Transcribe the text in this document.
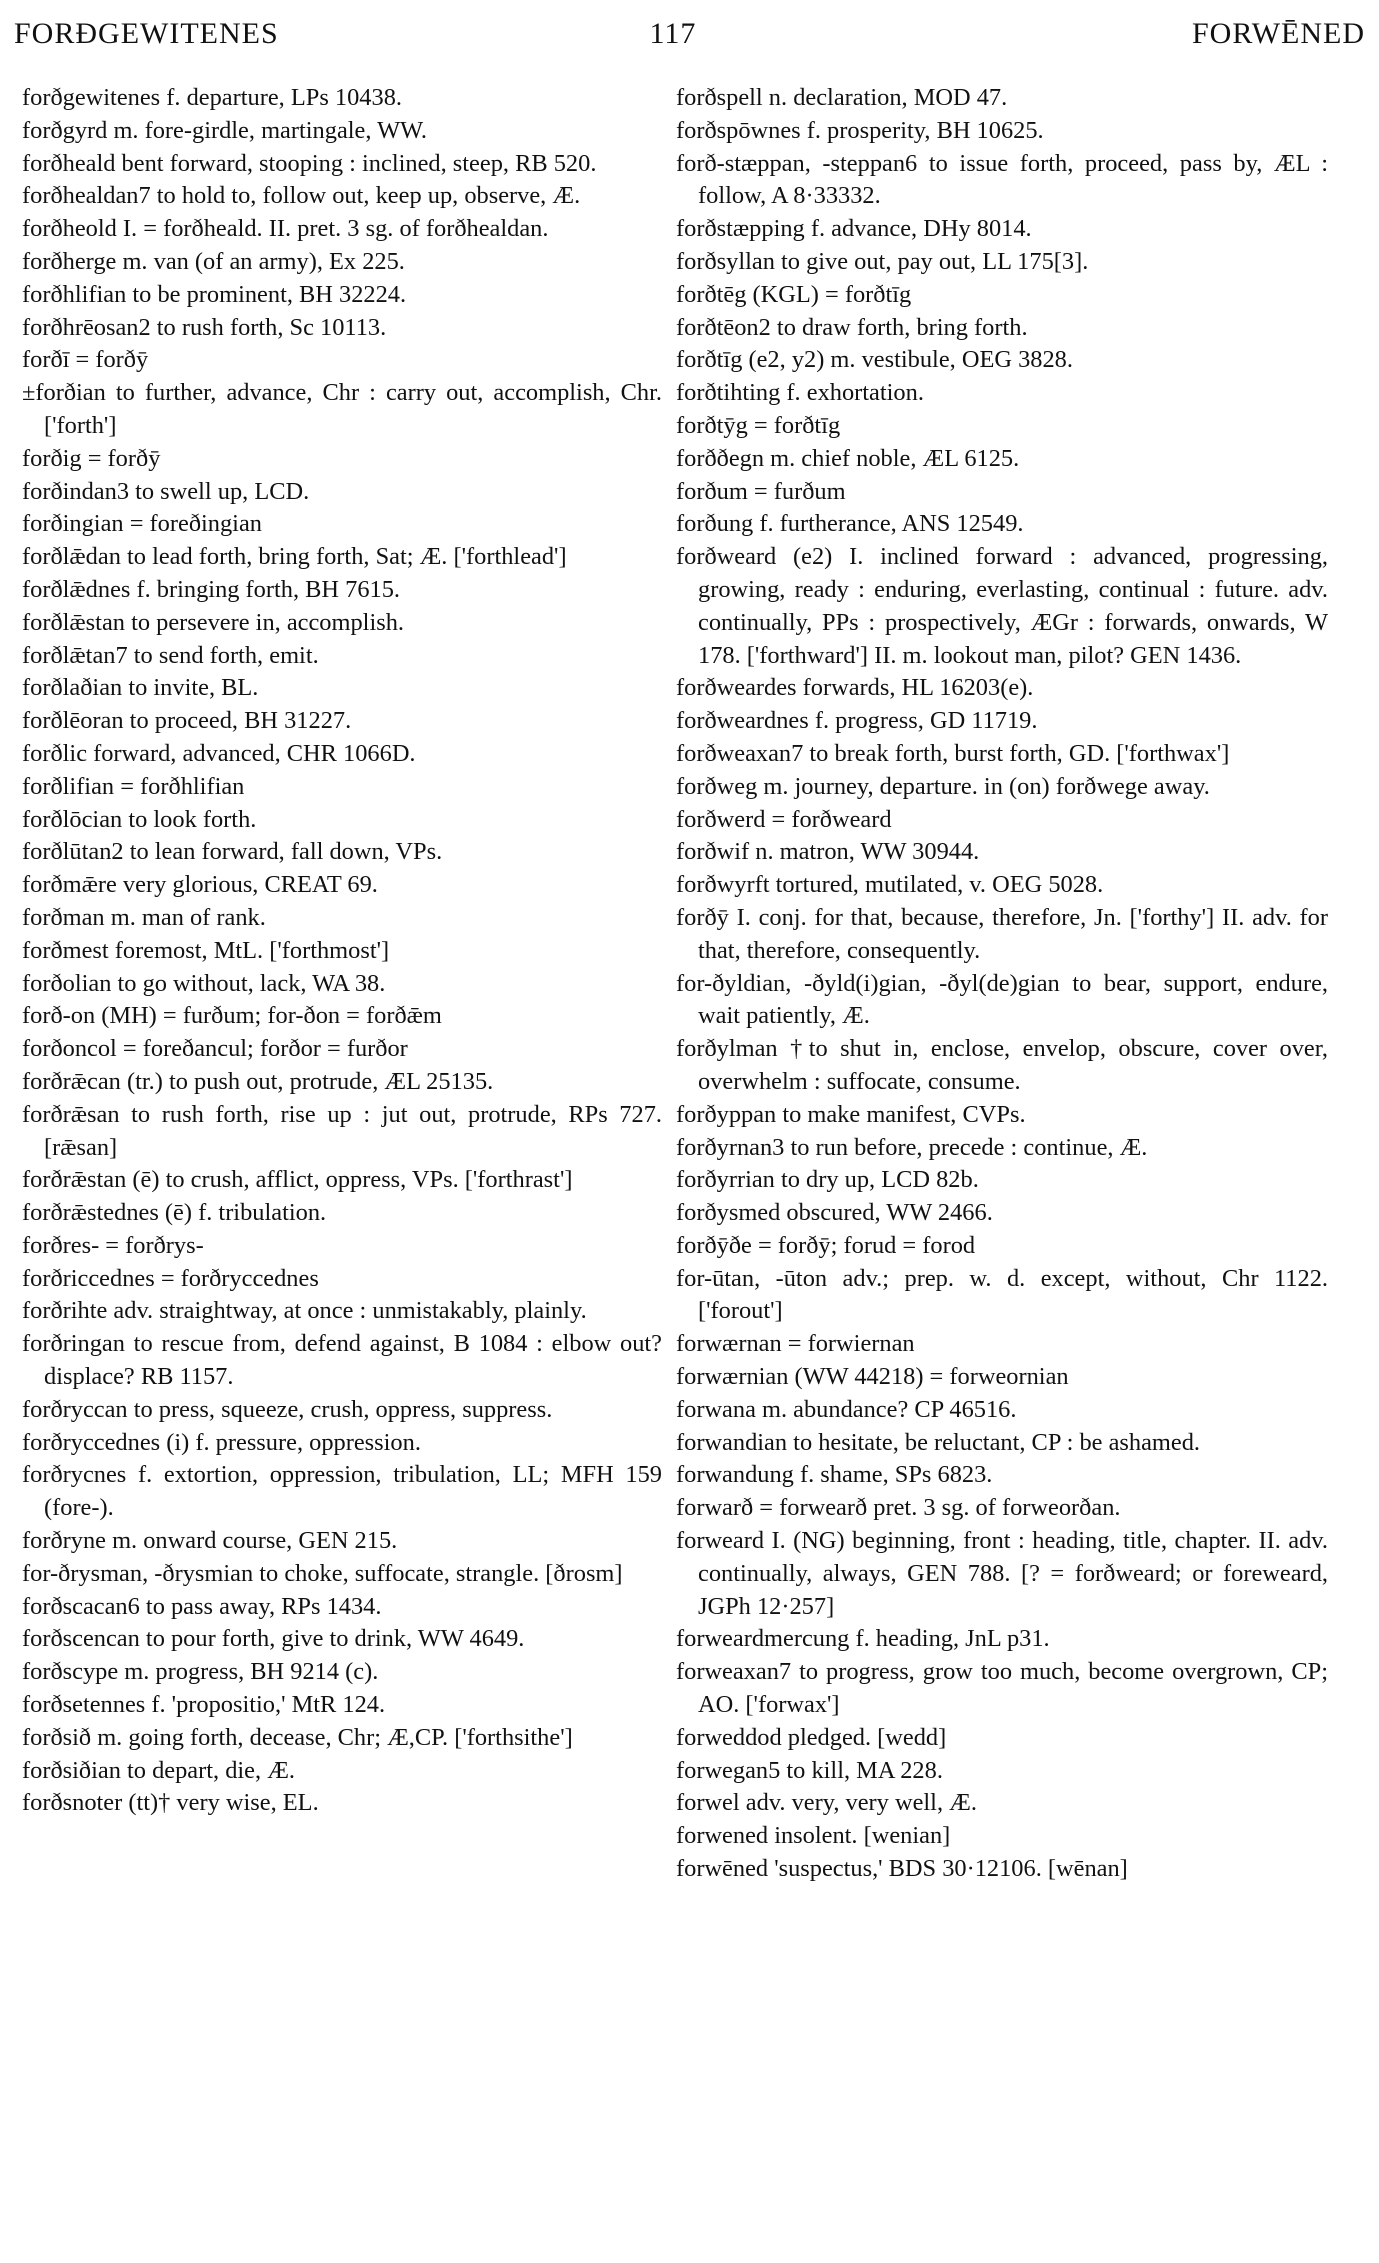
FORÐGEWITENES	117	FORWĒNED
forðgewitenes f. departure, LPs 10438.
forðgyrd m. fore-girdle, martingale, WW.
forðheald bent forward, stooping : inclined, steep, RB 520.
forðhealdan7 to hold to, follow out, keep up, observe, Æ.
forðheold I. = forðheald. II. pret. 3 sg. of forðhealdan.
forðherge m. van (of an army), Ex 225.
forðhlifian to be prominent, BH 32224.
forðhrēosan2 to rush forth, Sc 10113.
forðī = forðȳ
±forðian to further, advance, Chr : carry out, accomplish, Chr. ['forth']
forðig = forðȳ
forðindan3 to swell up, LCD.
forðingian = foreðingian
forðlǣdan to lead forth, bring forth, Sat; Æ. ['forthlead']
forðlǣdnes f. bringing forth, BH 7615.
forðlǣstan to persevere in, accomplish.
forðlǣtan7 to send forth, emit.
forðlaðian to invite, BL.
forðlēoran to proceed, BH 31227.
forðlic forward, advanced, CHR 1066D.
forðlifian = forðhlifian
forðlōcian to look forth.
forðlūtan2 to lean forward, fall down, VPs.
forðmǣre very glorious, CREAT 69.
forðman m. man of rank.
forðmest foremost, MtL. ['forthmost']
forðolian to go without, lack, WA 38.
forð-on (MH) = furðum; for-ðon = forðǣm
forðoncol = foreðancul; forðor = furðor
forðrǣcan (tr.) to push out, protrude, ÆL 25135.
forðrǣsan to rush forth, rise up : jut out, protrude, RPs 727. [rǣsan]
forðrǣstan (ē) to crush, afflict, oppress, VPs. ['forthrast']
forðrǣstednes (ē) f. tribulation.
forðres- = forðrys-
forðriccednes = forðryccednes
forðrihte adv. straightway, at once : unmistakably, plainly.
forðringan to rescue from, defend against, B 1084 : elbow out? displace? RB 1157.
forðryccan to press, squeeze, crush, oppress, suppress.
forðryccednes (i) f. pressure, oppression.
forðrycnes f. extortion, oppression, tribulation, LL; MFH 159 (fore-).
forðryne m. onward course, GEN 215.
for-ðrysman, -ðrysmian to choke, suffocate, strangle. [ðrosm]
forðscacan6 to pass away, RPs 1434.
forðscencan to pour forth, give to drink, WW 4649.
forðscype m. progress, BH 9214 (c).
forðsetennes f. 'propositio,' MtR 124.
forðsið m. going forth, decease, Chr; Æ,CP. ['forthsithe']
forðsiðian to depart, die, Æ.
forðsnoter (tt)† very wise, EL.
forðspell n. declaration, MOD 47.
forðspōwnes f. prosperity, BH 10625.
forð-stæppan, -steppan6 to issue forth, proceed, pass by, ÆL : follow, A 8·33332.
forðstæpping f. advance, DHy 8014.
forðsyllan to give out, pay out, LL 175[3].
forðtēg (KGL) = forðtīg
forðtēon2 to draw forth, bring forth.
forðtīg (e2, y2) m. vestibule, OEG 3828.
forðtihting f. exhortation.
forðtȳg = forðtīg
forððegn m. chief noble, ÆL 6125.
forðum = furðum
forðung f. furtherance, ANS 12549.
forðweard (e2) I. inclined forward : advanced, progressing, growing, ready : enduring, everlasting, continual : future. adv. continually, PPs : prospectively, ÆGr : forwards, onwards, W 178. ['forthward'] II. m. lookout man, pilot? GEN 1436.
forðweardes forwards, HL 16203(e).
forðweardnes f. progress, GD 11719.
forðweaxan7 to break forth, burst forth, GD. ['forthwax']
forðweg m. journey, departure. in (on) forðwege away.
forðwerd = forðweard
forðwif n. matron, WW 30944.
forðwyrft tortured, mutilated, v. OEG 5028.
forðȳ I. conj. for that, because, therefore, Jn. ['forthy'] II. adv. for that, therefore, consequently.
for-ðyldian, -ðyld(i)gian, -ðyl(de)gian to bear, support, endure, wait patiently, Æ.
forðylman †to shut in, enclose, envelop, obscure, cover over, overwhelm : suffocate, consume.
forðyppan to make manifest, CVPs.
forðyrnan3 to run before, precede : continue, Æ.
forðyrrian to dry up, LCD 82b.
forðysmed obscured, WW 2466.
forðȳðe = forðȳ; forud = forod
for-ūtan, -ūton adv.; prep. w. d. except, without, Chr 1122. ['forout']
forwærnan = forwiernan
forwærnian (WW 44218) = forweornian
forwana m. abundance? CP 46516.
forwandian to hesitate, be reluctant, CP : be ashamed.
forwandung f. shame, SPs 6823.
forwarð = forwearð pret. 3 sg. of forweorðan.
forweard I. (NG) beginning, front : heading, title, chapter. II. adv. continually, always, GEN 788. [? = forðweard; or foreweard, JGPh 12·257]
forweardmercung f. heading, JnL p31.
forweaxan7 to progress, grow too much, become overgrown, CP; AO. ['forwax']
forweddod pledged. [wedd]
forwegan5 to kill, MA 228.
forwel adv. very, very well, Æ.
forwened insolent. [wenian]
forwēned 'suspectus,' BDS 30·12106. [wēnan]
